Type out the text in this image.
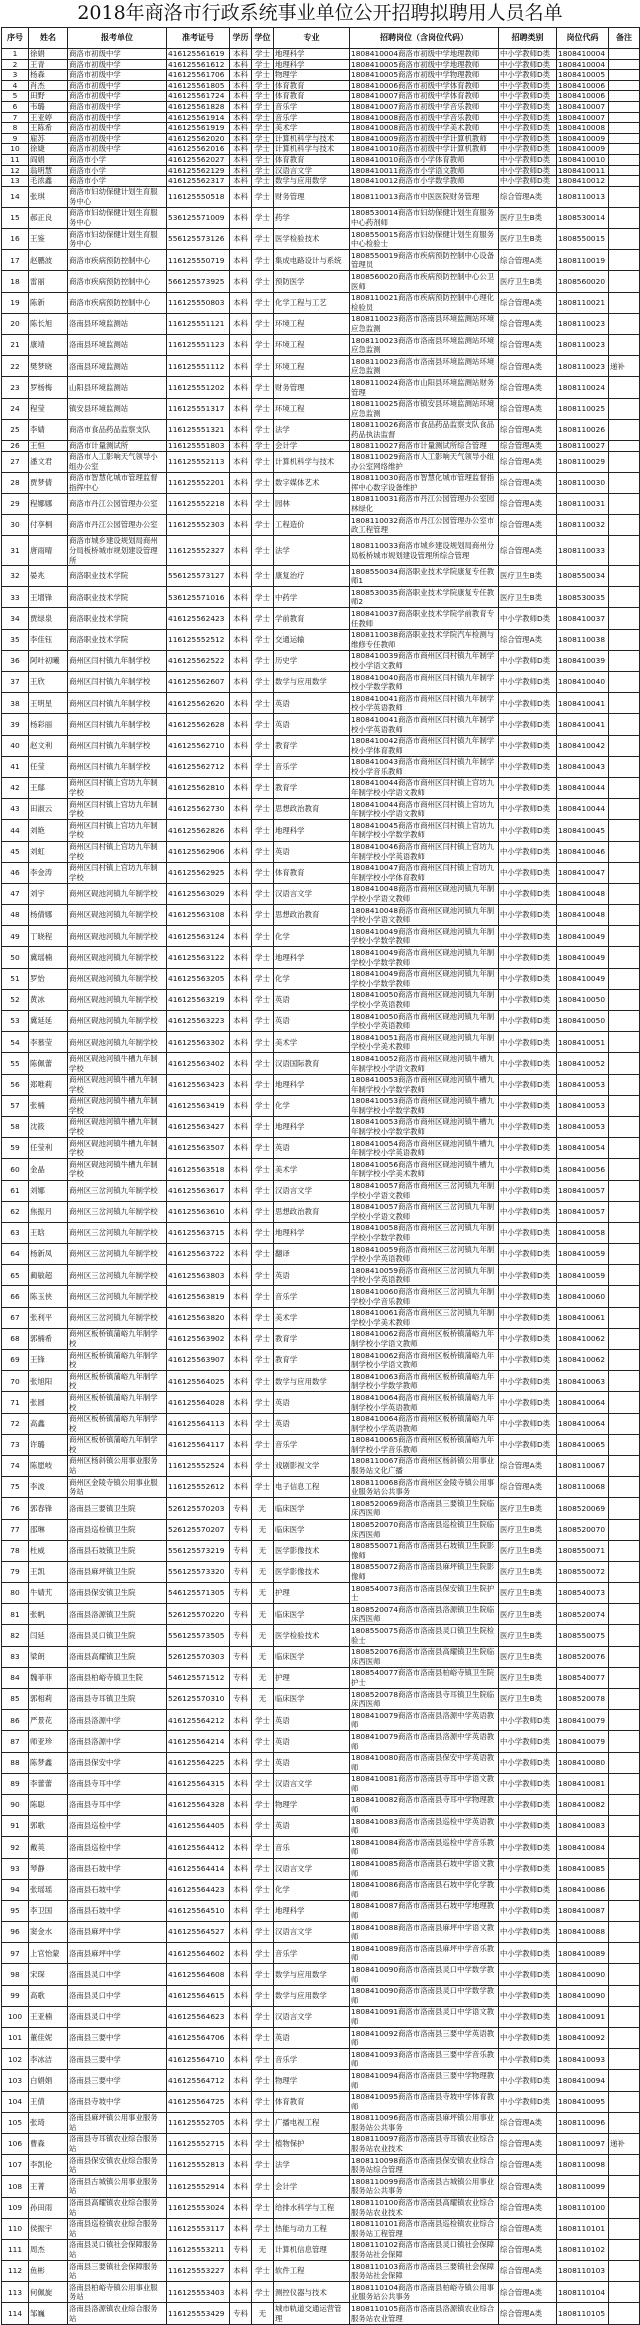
2018年商洛市行政系统事业单位公开招聘拟聘用人员名单
序号	姓名	报考单位	准考证号	学历	学位	专业	招聘岗位（含岗位代码）	招聘类别	岗位代码	备注
1	徐娟	商洛市初级中学	416125561619	本科	学士	地理科学	1808410004商洛市初级中学地理教师	中小学教师D类	1808410004	
2	王青	商洛市初级中学	416125561612	本科	学士	地理科学	1808410005商洛市初级中学地理教师	中小学教师D类	1808410004	
3	杨森	商洛市初级中学	416125561706	本科	学士	物理学	1808410005商洛市初级中学物理教师	中小学教师D类	1808410005	
4	肖杰	商洛市初级中学	416125561805	本科	学士	体育教育	1808410006商洛市初级中学体育教师	中小学教师D类	1808410006	
5	田野	商洛市初级中学	416125561724	本科	学士	体育教育	1808410007商洛市初级中学体育教师	中小学教师D类	1808410006	
6	韦璐	商洛市初级中学	416125561828	本科	学士	音乐学	1808410007商洛市初级中学音乐教师	中小学教师D类	1808410007	
7	王亚婷	商洛市初级中学	416125561914	本科	学士	音乐学	1808410008商洛市初级中学音乐教师	中小学教师D类	1808410007	
8	王陈希	商洛市初级中学	416125561919	本科	学士	美术学	1808410008商洛市初级中学美术教师	中小学教师D类	1808410008	
9	雇苏	商洛市初级中学	416125562020	本科	学士	计算机科学与技术	1808410009商洛市初级中学计算机教师	中小学教师D类	1808410009	
10	徐婕	商洛市初级中学	416125562016	本科	学士	计算机科学与技术	1808410010商洛市初级中学计算机教师	中小学教师D类	1808410009	
11	阎娟	商洛市小学	416125562027	本科	学士	体育教育	1808410010商洛市小学体育教师	中小学教师D类	1808410010	
12	翁明慧	商洛市小学	416125562129	本科	学士	汉语言文学	1808410011商洛市小学语文教师	中小学教师D类	1808410011	
13	毛浓鑫	商洛市小学	416125562317	本科	学士	数学与应用数学	1808410012商洛市小学数学教师	中小学教师D类	1808410012	
14	张琪	商洛市妇幼保健计划生育服务中心	116125550518	本科	学士	财务管理	1808110013商洛市中医医院财务管理	综合管理A类	1808110013	
15	郝正良	商洛市妇幼保健计划生育服务中心	536125571009	本科	学士	药学	1808530014商洛市妇幼保健计划生育服务中心药剂师	医疗卫生B类	1808530014	
16	王鉴	商洛市妇幼保健计划生育服务中心	556125573126	本科	学士	医学检验技术	1808550015商洛市妇幼保健计划生育服务中心检验士	医疗卫生B类	1808550015	
17	赵鹏波	商洛市疾病预防控制中心	116125550719	本科	学士	集成电路设计与系统	1808550019商洛市疾病预防控制中心设备管理员	综合管理A类	1808110019	
18	雷丽	商洛市疾病预防控制中心	566125573925	本科	学士	预防医学	1808560020商洛市疾病预防控制中心公卫医师	医疗卫生B类	1808560020	
19	陈新	商洛市疾病预防控制中心	116125550803	本科	学士	化学工程与工艺	1808110021商洛市疾病预防控制中心理化检验员	综合管理A类	1808110021	
20	陈长旭	洛南县环境监测站	116125551121	本科	学士	环境工程	1808110023商洛市洛南县环境监测站环境应急监测	综合管理A类	1808110023	
21	康靖	洛南县环境监测站	116125551123	本科	学士	环境工程	1808110023商洛市洛南县环境监测站环境应急监测	综合管理A类	1808110023	
22	樊梦晓	洛南县环境监测站	116125551112	本科	学士	环境工程	1808110023商洛市洛南县环境监测站环境应急监测	综合管理A类	1808110023	递补
23	罗杨梅	山阳县环境监测站	116125551202	本科	学士	财务管理	1808110024商洛市山阳县环境监测站财务管理	综合管理A类	1808110024	
24	程莹	镇安县环境监测站	116125551317	本科	学士	环境工程	1808110025商洛市镇安县环境监测站环境应急监测	综合管理A类	1808110025	
25	李婧	商洛市食品药品监察支队	116125551321	本科	学士	法学	1808110026商洛市食品药品监察支队食品药品执法监督	综合管理A类	1808110026	
26	王恒	商洛市计量测试所	116125551803	本科	学士	会计学	1808110027商洛市计量测试所综合管理	综合管理A类	1808110027	
27	潘文君	商洛市人工影响天气领导小组办公室	116125552113	本科	学士	计算机科学与技术	1808110029商洛市人工影响天气领导小组办公室网络维护	综合管理A类	1808110029	
28	贾梦倩	商洛市智慧化城市管理监督指挥中心	116125552201	本科	学士	数字媒体艺术	1808110030商洛市智慧化城市管理监督指挥中心数字设备维护	综合管理A类	1808110030	
29	程娜娜	商洛市丹江公园管理办公室	116125552218	本科	学士	园林	1808110031商洛市丹江公园管理办公室园林绿化	综合管理A类	1808110031	
30	付享桐	商洛市丹江公园管理办公室	116125552303	本科	学士	工程造价	1808110032商洛市丹江公园管理办公室市政工程管理	综合管理A类	1808110032	
31	唐雨晴	商洛市城乡建设规划局商州分局板桥城市规划建设管理所	116125552327	本科	学士	法学	1808110033商洛市城乡建设规划局商州分局板桥城市规划建设管理所综合管理	综合管理A类	1808110033	
32	晏兆	商洛职业技术学院	556125573127	本科	学士	康复治疗	1808550034商洛职业技术学院康复专任教师1	医疗卫生B类	1808550034	
33	王增锋	商洛职业技术学院	536125571016	本科	学士	中药学	1808530035商洛职业技术学院康复专任教师2	医疗卫生B类	1808530035	
34	贾绿泉	商洛职业技术学院	416125562423	本科	学士	学前教育	1808410037商洛职业技术学院学前教育专任教师	中小学教师D类	1808410037	
35	李佳钰	商洛职业技术学院	116125552512	本科	学士	交通运输	1808110038商洛职业技术学院汽车检测与维修专任教师	综合管理A类	1808110038	
36	阿叶初曦	商州区闫村镇九年制学校	416125562522	本科	学士	历史学	1808410039商洛市商州区闫村镇九年制学校小学语文教师	中小学教师D类	1808410039	
37	王欣	商州区闫村镇九年制学校	416125562607	本科	学士	数学与应用数学	1808410040商洛市商州区闫村镇九年制学校小学数学教师	中小学教师D类	1808410040	
38	王明星	商州区闫村镇九年制学校	416125562620	本科	学士	英语	1808410041商洛市商州区闫村镇九年制学校小学英语教师	中小学教师D类	1808410041	
39	杨彩丽	商州区闫村镇九年制学校	416125562628	本科	学士	英语	1808410041商洛市商州区闫村镇九年制学校小学英语教师	中小学教师D类	1808410041	
40	赵文利	商州区闫村镇九年制学校	416125562710	本科	学士	教育学	1808410042商洛市商州区闫村镇九年制学校小学体育教师	中小学教师D类	1808410042	
41	任莹	商州区闫村镇九年制学校	416125562712	本科	学士	音乐学	1808410043商洛市商州区闫村镇九年制学校小学音乐教师	中小学教师D类	1808410043	
42	王鄢	商州区闫村镇上官坊九年制学校	416125562810	本科	学士	教育学	1808410044商洛市商州区闫村镇上官坊九年制学校小学语文教师	中小学教师D类	1808410044	
43	田淑云	商州区闫村镇上官坊九年制学校	416125562730	本科	学士	思想政治教育	1808410044商洛市商州区闫村镇上官坊九年制学校小学语文教师	中小学教师D类	1808410044	
44	刘艳	商州区闫村镇上官坊九年制学校	416125562826	本科	学士	地理科学	1808410045商洛市商州区闫村镇上官坊九年制学校小学数学教师	中小学教师D类	1808410045	
45	刘虹	商州区闫村镇上官坊九年制学校	416125562906	本科	学士	英语	1808410046商洛市商州区闫村镇上官坊九年制学校小学英语教师	中小学教师D类	1808410046	
46	李金涛	商州区闫村镇上官坊九年制学校	416125562925	本科	学士	体育教育	1808410047商洛市商州区闫村镇上官坊九年制学校小学体育教师	中小学教师D类	1808410047	
47	刘宇	商州区砚池河镇九年制学校	416125563029	本科	学士	汉语言文学	1808410048商洛市商州区砚池河镇九年制学校小学语文教师	中小学教师D类	1808410048	
48	杨倩娜	商州区砚池河镇九年制学校	416125563108	本科	学士	思想政治教育	1808410048商洛市商州区砚池河镇九年制学校小学语文教师	中小学教师D类	1808410048	
49	丁晓程	商州区砚池河镇九年制学校	416125563124	本科	学士	化学	1808410049商洛市商州区砚池河镇九年制学校小学数学教师	中小学教师D类	1808410049	
50	冀瑶楠	商州区砚池河镇九年制学校	416125563122	本科	学士	地理科学	1808410049商洛市商州区砚池河镇九年制学校小学数学教师	中小学教师D类	1808410049	
51	罗怡	商州区砚池河镇九年制学校	416125563205	本科	学士	化学	1808410049商洛市商州区砚池河镇九年制学校小学数学教师	中小学教师D类	1808410049	
52	黄冰	商州区砚池河镇九年制学校	416125563219	本科	学士	英语	1808410050商洛市商州区砚池河镇九年制学校小学英语教师	中小学教师D类	1808410050	
53	冀延延	商州区砚池河镇九年制学校	416125563223	本科	学士	英语	1808410050商洛市商州区砚池河镇九年制学校小学英语教师	中小学教师D类	1808410050	
54	李慕莹	商州区砚池河镇九年制学校	416125563302	本科	学士	美术学	1808410051商洛市商州区砚池河镇九年制学校小学美术教师	中小学教师D类	1808410051	
55	陈佩蕾	商州区砚池河镇牛槽九年制学校	416125563402	本科	学士	汉语国际教育	1808410052商洛市商州区砚池河镇牛槽九年制学校小学语文教师	中小学教师D类	1808410052	
56	郑唯莉	商州区砚池河镇牛槽九年制学校	416125563423	本科	学士	地理科学	1808410053商洛市商州区砚池河镇牛槽九年制学校小学数学教师	中小学教师D类	1808410053	
57	张楠	商州区砚池河镇牛槽九年制学校	416125563419	本科	学士	化学	1808410053商洛市商州区砚池河镇牛槽九年制学校小学数学教师	中小学教师D类	1808410053	
58	沈筱	商州区砚池河镇牛槽九年制学校	416125563427	本科	学士	地理科学	1808410053商洛市商州区砚池河镇牛槽九年制学校小学数学教师	中小学教师D类	1808410053	
59	任莹利	商州区砚池河镇牛槽九年制学校	416125563507	本科	学士	英语	1808410054商洛市商州区砚池河镇牛槽九年制学校小学英语教师	中小学教师D类	1808410054	
60	金晶	商州区砚池河镇牛槽九年制学校	416125563518	本科	学士	美术学	1808410056商洛市商州区砚池河镇牛槽九年制学校小学美术教师	中小学教师D类	1808410056	
61	刘娜	商州区三岔河镇九年制学校	416125563617	本科	学士	汉语言文学	1808410057商洛市商州区三岔河镇九年制学校小学语文教师	中小学教师D类	1808410057	
62	焦振月	商州区三岔河镇九年制学校	416125563610	本科	学士	思想政治教育	1808410057商洛市商州区三岔河镇九年制学校小学语文教师	中小学教师D类	1808410057	
63	王晗	商州区三岔河镇九年制学校	416125563715	本科	学士	地理科学	1808410058商洛市商州区三岔河镇九年制学校小学数学教师	中小学教师D类	1808410058	
64	杨新凤	商州区三岔河镇九年制学校	416125563722	本科	学士	翻译	1808410059商洛市商州区三岔河镇九年制学校小学英语教师	中小学教师D类	1808410059	
65	蔺敏超	商州区三岔河镇九年制学校	416125563803	本科	学士	英语	1808410059商洛市商州区三岔河镇九年制学校小学英语教师	中小学教师D类	1808410059	
66	陈玉侠	商州区三岔河镇九年制学校	416125563819	本科	学士	音乐学	1808410060商洛市商州区三岔河镇九年制学校小学音乐教师	中小学教师D类	1808410060	
67	张利平	商州区三岔河镇九年制学校	416125563820	本科	学士	美术学	1808410061商洛市商州区三岔河镇九年制学校小学美术教师	中小学教师D类	1808410061	
68	郭楠希	商州区板桥镇蒲峪九年制学校	416125563902	本科	学士	教育学	1808410062商洛市商州区板桥镇蒲峪九年制学校小学语文教师	中小学教师D类	1808410062	
69	王锋	商州区板桥镇蒲峪九年制学校	416125563907	本科	学士	教育学	1808410062商洛市商州区板桥镇蒲峪九年制学校小学语文教师	中小学教师D类	1808410062	
70	张旭阳	商州区板桥镇蒲峪九年制学校	416125564025	本科	学士	数学与应用数学	1808410063商洛市商州区板桥镇蒲峪九年制学校小学数学教师	中小学教师D类	1808410063	
71	张圆	商州区板桥镇蒲峪九年制学校	416125564028	本科	学士	英语	1808410064商洛市商州区板桥镇蒲峪九年制学校小学英语教师	中小学教师D类	1808410064	
72	高鑫	商州区板桥镇蒲峪九年制学校	416125564113	本科	学士	英语	1808410064商洛市商州区板桥镇蒲峪九年制学校小学英语教师	中小学教师D类	1808410064	
73	许璐	商州区板桥镇蒲峪九年制学校	416125564117	本科	学士	音乐学	1808410065商洛市商州区板桥镇蒲峪九年制学校小学音乐教师	中小学教师D类	1808410065	
74	陈愿岐	商州区杨斜镇公用事业服务站	116125552524	本科	学士	戏剧影视文学	1808110067商洛市商州区杨斜镇公用事业服务站文化广播	综合管理A类	1808110067	
75	李波	商州区金陵寺镇公用事业服务站	116125552612	本科	学士	电子信息工程	1808110068商洛市商州区金陵寺镇公用事业服务站公共事务	综合管理A类	1808110068	
76	郭春锋	洛南县三要镇卫生院	526125570203	专科	无	临床医学	1808520069商洛市洛南县三要镇卫生院临床西医师	医疗卫生B类	1808520069	
77	邵琳	洛南县巡检镇卫生院	526125570207	专科	无	临床医学	1808520070商洛市洛南县巡检镇卫生院临床西医师	医疗卫生B类	1808520070	
78	杜威	洛南县石坡镇卫生院	556125573219	专科	无	医学影像技术	1808550071商洛市洛南县石坡镇卫生院影像师	医疗卫生B类	1808550071	
79	王凯	洛南县麻坪镇卫生院	556125573320	专科	无	医学影像技术	1808550072商洛市洛南县麻坪镇卫生院影像师	医疗卫生B类	1808550072	
80	牛婧艽	洛南县保安镇卫生院	546125571305	专科	无	护理	1808540073商洛市洛南县保安镇卫生院护士	医疗卫生B类	1808540073	
81	张帆	洛南县洛源镇卫生院	526125570220	专科	无	临床医学	1808520074商洛市洛南县洛源镇卫生院临床西医师	医疗卫生B类	1808520074	
82	闫延	洛南县灵口镇卫生院	556125573505	专科	无	医学检验技术	1808550075商洛市洛南县灵口镇卫生院检验士	医疗卫生B类	1808550075	
83	梁朗	洛南县高耀镇卫生院	526125570303	专科	无	临床医学	1808520076商洛市洛南县高耀镇卫生院临床西医师	医疗卫生B类	1808520076	
84	魏菲菲	洛南县柏峪寺镇卫生院	546125571512	专科	无	护理	1808540077商洛市洛南县柏峪寺镇卫生院护士	医疗卫生B类	1808540077	
85	郭相莉	洛南县寺耳镇卫生院	526125570310	专科	无	临床医学	1808520078商洛市洛南县寺耳镇卫生院临床西医师	医疗卫生B类	1808520078	
86	严景花	洛南县洛源中学	416125564212	本科	学士	英语	1808410079商洛市洛南县洛源中学英语教师	中小学教师D类	1808410079	
87	师亚珍	洛南县洛源中学	416125564214	本科	学士	英语	1808410079商洛市洛南县洛源中学英语教师	中小学教师D类	1808410079	
88	陈梦鑫	洛南县保安中学	416125564225	本科	学士	英语	1808410080商洛市洛南县保安中学英语教师	中小学教师D类	1808410080	
89	李蕾蕾	洛南县寺耳中学	416125564315	本科	学士	汉语言文学	1808410081商洛市洛南县寺耳中学语文教师	中小学教师D类	1808410081	
90	陈聪	洛南县寺耳中学	416125564328	本科	学士	物理学	1808410082商洛市洛南县寺耳中学物理教师	中小学教师D类	1808410082	
91	郭歌	洛南县巡检中学	416125564405	本科	学士	英语	1808410083商洛市洛南县巡检中学英语教师	中小学教师D类	1808410083	
92	戴英	洛南县巡检中学	416125564412	本科	学士	音乐	1808410084商洛市洛南县巡检中学音乐教师	中小学教师D类	1808410084	
93	琴静	洛南县石坡中学	416125564414	本科	学士	汉语言文学	1808410085商洛市洛南县石坡中学语文教师	中小学教师D类	1808410085	
94	张瑶瑶	洛南县石坡中学	416125564423	本科	学士	化学	1808410086商洛市洛南县石坡中学化学教师	中小学教师D类	1808410086	
95	李卫国	洛南县石坡中学	416125564510	本科	学士	地理科学	1808410087商洛市洛南县石坡中学地理教师	中小学教师D类	1808410087	
96	窦金水	洛南县麻坪中学	416125564527	本科	学士	汉语言文学	1808410088商洛市洛南县麻坪中学语文教师	中小学教师D类	1808410088	
97	上官怡蒙	洛南县麻坪中学	416125564602	本科	学士	音乐学	1808410089商洛市洛南县麻坪中学音乐教师	中小学教师D类	1808410089	
98	宋琛	洛南县灵口中学	416125564608	本科	学士	数学与应用数学	1808410090商洛市洛南县灵口中学数学教师	中小学教师D类	1808410090	
99	高歌	洛南县灵口中学	416125564615	本科	学士	数学与应用数学	1808410090商洛市洛南县灵口中学数学教师	中小学教师D类	1808410090	
100	王亚楠	洛南县灵口中学	416125564623	本科	学士	汉语言文学	1808410091商洛市洛南县灵口中学语文教师	中小学教师D类	1808410091	
101	董佳妮	洛南县三要中学	416125564706	本科	学士	英语	1808410092商洛市洛南县三要中学英语教师	中小学教师D类	1808410092	
102	李冰洁	洛南县三要中学	416125564710	本科	学士	音乐学	1808410093商洛市洛南县三要中学音乐教师	中小学教师D类	1808410093	
103	白娟娟	洛南县三要中学	416125564712	本科	学士	物理学	1808410094商洛市洛南县三要中学物理教师	中小学教师D类	1808410094	
104	王倩	洛南县寺坡中学	416125564725	本科	学士	体育教育	1808410095商洛市洛南县寺坡中学体育教师	中小学教师D类	1808410095	
105	张琦	洛南县麻坪镇公用事业服务站	116125552705	本科	学士	广播电视工程	1808110096商洛市洛南县麻坪镇公用事业服务站公共事务	综合管理A类	1808110096	
106	曹森	洛南县寺耳镇农业综合服务站	116125552715	本科	学士	植物保护	1808110097商洛市洛南县寺耳镇农业综合服务站农业技术	综合管理A类	1808110097	递补
107	李凯伦	洛南县保安镇农业综合服务站	116125552813	本科	学士	法学	1808110098商洛市洛南县保安镇农业综合服务站综合管理	综合管理A类	1808110098	
108	王菁	洛南县古城镇公用事业服务站	116125552914	本科	学士	会计学	1808110099商洛市洛南县古城镇公用事业服务站公共事务	综合管理A类	1808110099	
109	孙田雨	洛南县高耀镇农业综合服务站	116125553024	本科	学士	给排水科学与工程	1808110100商洛市洛南县高耀镇农业综合服务站农业技术	综合管理A类	1808110100	
110	侯振宇	洛南县巡检镇农业综合服务站	116125553117	本科	学士	热能与动力工程	1808110101商洛市洛南县巡检镇农业综合服务站工程管理	综合管理A类	1808110101	
111	周杰	洛南县灵口镇社会保障服务站	116125553211	专科	无	计算机信息管理	1808110102商洛市洛南县灵口镇社会保障服务站社会保障	综合管理A类	1808110102	
112	鱼彬	洛南县三要镇社会保障服务站	116125553227	本科	学士	软件工程	1808110103商洛市洛南县三要镇社会保障服务站社会保障	综合管理A类	1808110103	
113	何佩旋	洛南县柏峪寺镇公用事业服务站	116125553403	本科	学士	测控仪器与技术	1808110104商洛市洛南县柏峪寺镇公用事业服务站公共事务	综合管理A类	1808110104	
114	邹巍	洛南县洛源镇农业综合服务站	116125553429	专科	无	城市轨道交通运营管理	1808110105商洛市洛南县洛源镇农业综合服务站农业管理	综合管理A类	1808110105	
